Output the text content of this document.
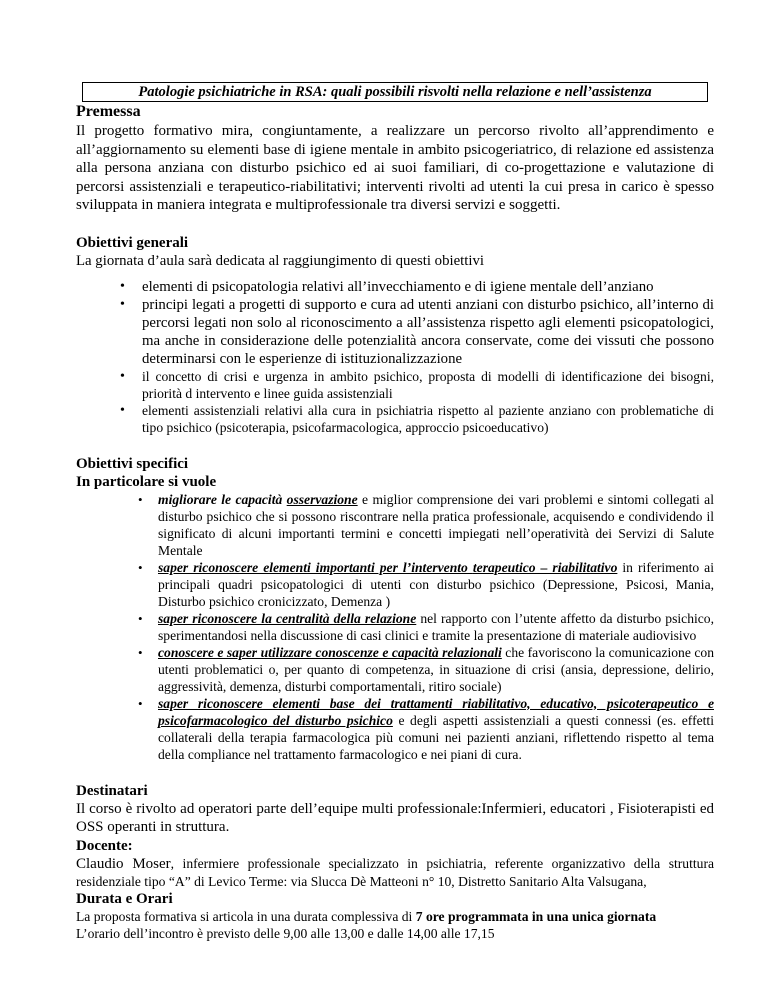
Patologie psichiatriche in RSA: quali possibili risvolti nella relazione e nell’assistenza
Premessa

Il progetto formativo mira, congiuntamente, a realizzare un percorso rivolto all’apprendimento e all’aggiornamento su elementi base di igiene mentale in ambito psicogeriatrico, di relazione ed assistenza alla persona anziana con disturbo psichico ed ai suoi familiari, di co-progettazione e valutazione di percorsi assistenziali e terapeutico-riabilitativi; interventi rivolti ad utenti la cui presa in carico è spesso sviluppata in maniera integrata e multiprofessionale tra diversi servizi e soggetti.

Obiettivi generali

La giornata d’aula sarà dedicata al raggiungimento di questi obiettivi

• elementi di psicopatologia relativi all’invecchiamento e di igiene mentale dell’anziano
• principi legati a progetti di supporto e cura ad utenti anziani con disturbo psichico, all’interno di percorsi legati non solo al riconoscimento a all’assistenza rispetto agli elementi psicopatologici, ma anche in considerazione delle potenzialità ancora conservate, come dei vissuti che possono determinarsi con le esperienze di istituzionalizzazione
• il concetto di crisi e urgenza in ambito psichico, proposta di modelli di identificazione dei bisogni, priorità d intervento e linee guida assistenziali
• elementi assistenziali relativi alla cura in psichiatria rispetto al paziente anziano con problematiche di tipo psichico (psicoterapia, psicofarmacologica, approccio psicoeducativo)
Obiettivi specifici
In particolare si vuole
• migliorare le capacità osservazione e miglior comprensione dei vari problemi e sintomi collegati al disturbo psichico che si possono riscontrare nella pratica professionale, acquisendo e condividendo il significato di alcuni importanti termini e concetti impiegati nell’operatività dei Servizi di Salute Mentale
• saper riconoscere elementi importanti per l’intervento terapeutico – riabilitativo in riferimento ai principali quadri psicopatologici di utenti con disturbo psichico (Depressione, Psicosi, Mania, Disturbo psichico cronicizzato, Demenza )
• saper riconoscere la centralità della relazione nel rapporto con l’utente affetto da disturbo psichico, sperimentandosi nella discussione di casi clinici e tramite la presentazione di materiale audiovisivo
• conoscere e saper utilizzare conoscenze e capacità relazionali che favoriscono la comunicazione con utenti problematici o, per quanto di competenza, in situazione di crisi (ansia, depressione, delirio, aggressività, demenza, disturbi comportamentali, ritiro sociale)
• saper riconoscere elementi base dei trattamenti riabilitativo, educativo, psicoterapeutico e psicofarmacologico del disturbo psichico e degli aspetti assistenziali a questi connessi (es. effetti collaterali della terapia farmacologica più comuni nei pazienti anziani, riflettendo rispetto al tema della compliance nel trattamento farmacologico e nei piani di cura.
Destinatari

Il corso è rivolto ad operatori parte dell’equipe multi professionale:Infermieri, educatori , Fisioterapisti ed OSS operanti in struttura.

Docente:

Claudio Moser, infermiere professionale specializzato in psichiatria, referente organizzativo della struttura residenziale tipo “A” di Levico Terme: via Slucca Dè Matteoni n° 10, Distretto Sanitario Alta Valsugana,

Durata e Orari

La proposta formativa si articola in una durata complessiva di 7 ore programmata in una unica giornata

L’orario dell’incontro è previsto delle 9,00 alle 13,00 e dalle 14,00 alle 17,15
